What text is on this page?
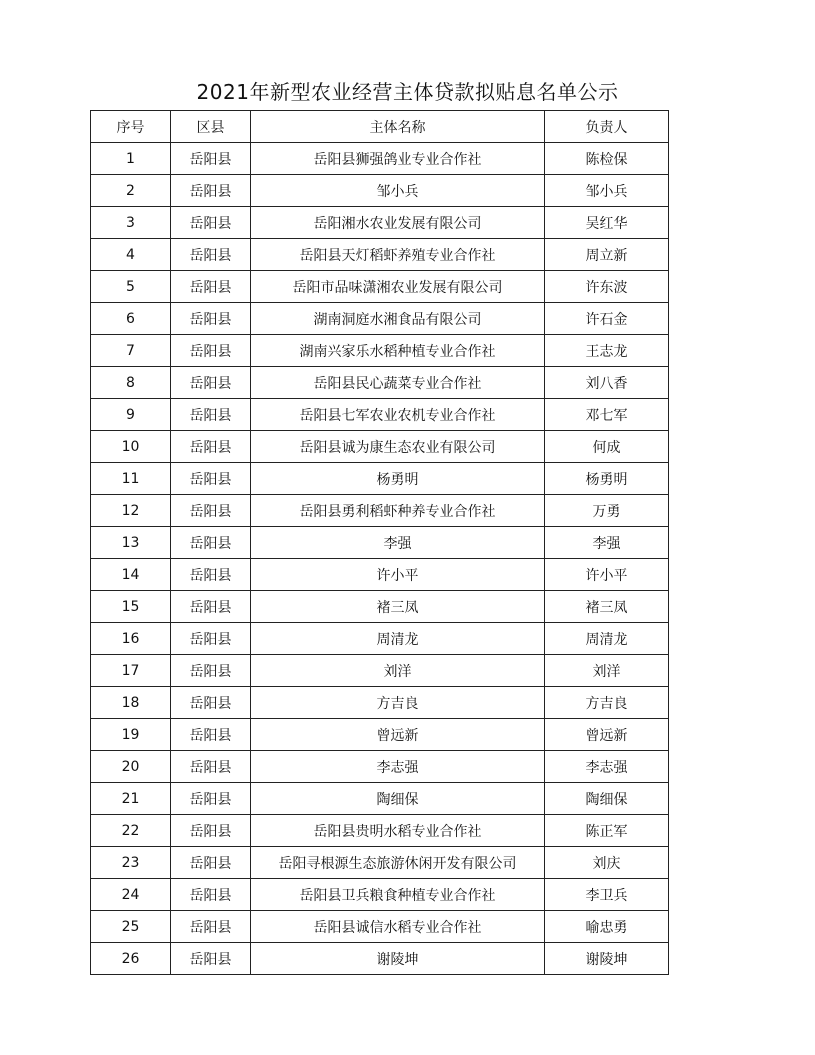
2021年新型农业经营主体贷款拟贴息名单公示
序号	区县	主体名称	负责人
1	岳阳县	岳阳县狮强鸽业专业合作社	陈检保
2	岳阳县	邹小兵	邹小兵
3	岳阳县	岳阳湘水农业发展有限公司	吴红华
4	岳阳县	岳阳县天灯稻虾养殖专业合作社	周立新
5	岳阳县	岳阳市品味潇湘农业发展有限公司	许东波
6	岳阳县	湖南洞庭水湘食品有限公司	许石金
7	岳阳县	湖南兴家乐水稻种植专业合作社	王志龙
8	岳阳县	岳阳县民心蔬菜专业合作社	刘八香
9	岳阳县	岳阳县七军农业农机专业合作社	邓七军
10	岳阳县	岳阳县诚为康生态农业有限公司	何成
11	岳阳县	杨勇明	杨勇明
12	岳阳县	岳阳县勇利稻虾种养专业合作社	万勇
13	岳阳县	李强	李强
14	岳阳县	许小平	许小平
15	岳阳县	褚三凤	褚三凤
16	岳阳县	周清龙	周清龙
17	岳阳县	刘洋	刘洋
18	岳阳县	方吉良	方吉良
19	岳阳县	曾远新	曾远新
20	岳阳县	李志强	李志强
21	岳阳县	陶细保	陶细保
22	岳阳县	岳阳县贵明水稻专业合作社	陈正军
23	岳阳县	岳阳寻根源生态旅游休闲开发有限公司	刘庆
24	岳阳县	岳阳县卫兵粮食种植专业合作社	李卫兵
25	岳阳县	岳阳县诚信水稻专业合作社	喻忠勇
26	岳阳县	谢陵坤	谢陵坤
